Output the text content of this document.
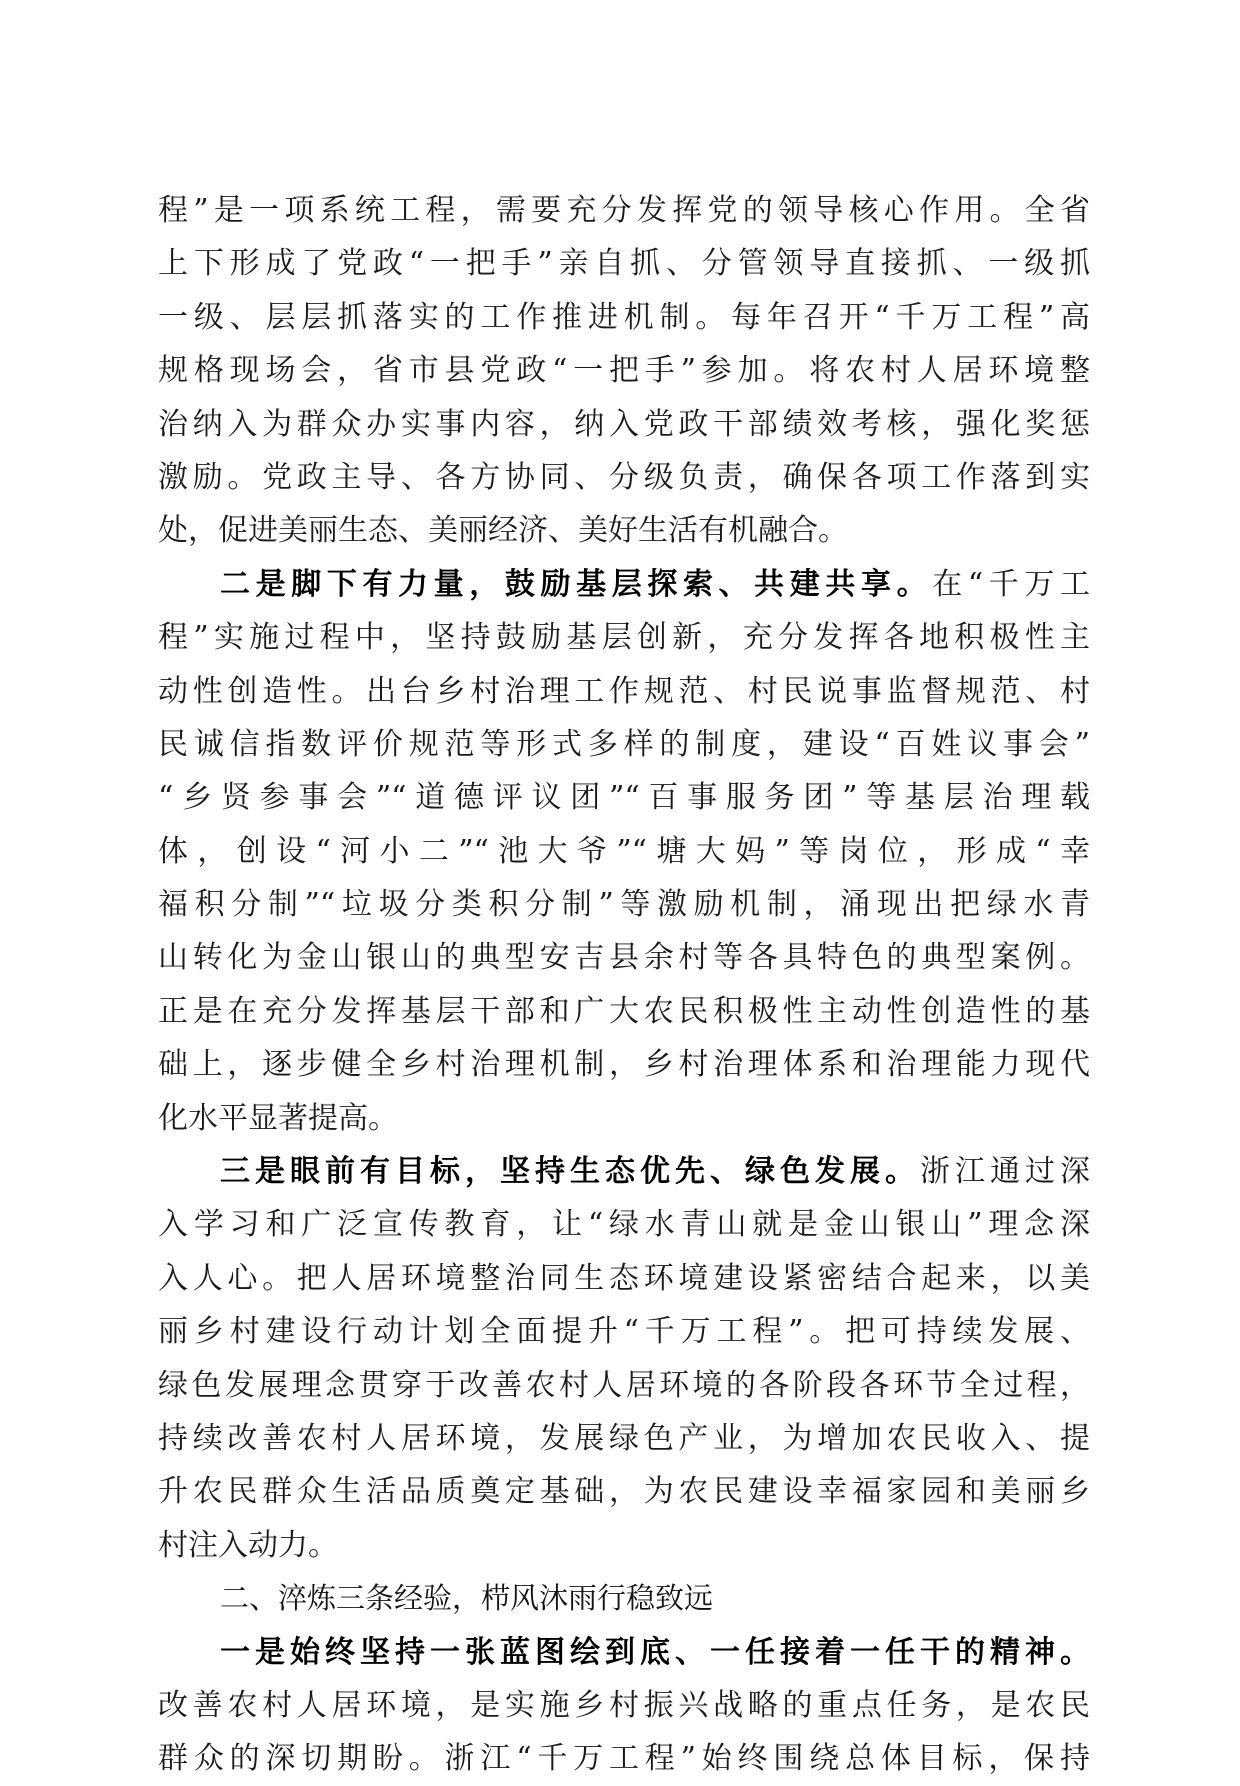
程”是一项系统工程，需要充分发挥党的领导核心作用。全省
上下形成了党政“一把手”亲自抓、分管领导直接抓、一级抓
一级、层层抓落实的工作推进机制。每年召开“千万工程”高
规格现场会，省市县党政“一把手”参加。将农村人居环境整
治纳入为群众办实事内容，纳入党政干部绩效考核，强化奖惩
激励。党政主导、各方协同、分级负责，确保各项工作落到实
处，促进美丽生态、美丽经济、美好生活有机融合。
二是脚下有力量，鼓励基层探索、共建共享。在“千万工
程”实施过程中，坚持鼓励基层创新，充分发挥各地积极性主
动性创造性。出台乡村治理工作规范、村民说事监督规范、村
民诚信指数评价规范等形式多样的制度，建设“百姓议事会”
“乡贤参事会”“道德评议团”“百事服务团”等基层治理载
体，创设“河小二”“池大爷”“塘大妈”等岗位，形成“幸
福积分制”“垃圾分类积分制”等激励机制，涌现出把绿水青
山转化为金山银山的典型安吉县余村等各具特色的典型案例。
正是在充分发挥基层干部和广大农民积极性主动性创造性的基
础上，逐步健全乡村治理机制，乡村治理体系和治理能力现代
化水平显著提高。
三是眼前有目标，坚持生态优先、绿色发展。浙江通过深
入学习和广泛宣传教育，让“绿水青山就是金山银山”理念深
入人心。把人居环境整治同生态环境建设紧密结合起来，以美
丽乡村建设行动计划全面提升“千万工程”。把可持续发展、
绿色发展理念贯穿于改善农村人居环境的各阶段各环节全过程，
持续改善农村人居环境，发展绿色产业，为增加农民收入、提
升农民群众生活品质奠定基础，为农民建设幸福家园和美丽乡
村注入动力。
二、淬炼三条经验，栉风沐雨行稳致远
一是始终坚持一张蓝图绘到底、一任接着一任干的精神。
改善农村人居环境，是实施乡村振兴战略的重点任务，是农民
群众的深切期盼。浙江“千万工程”始终围绕总体目标，保持
